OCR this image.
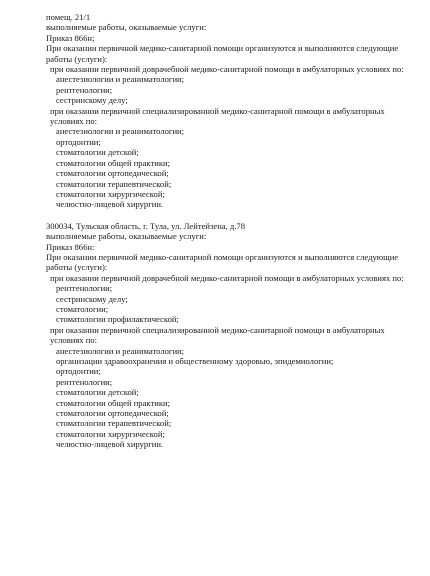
помещ. 21/1
выполняемые работы, оказываемые услуги:
Приказ 866н;
При оказании первичной медико-санитарной помощи организуются и выполняются следующие работы (услуги):
при оказании первичной доврачебной медико-санитарной помощи в амбулаторных условиях по:
анестезиологии и реаниматологии;
рентгенологии;
сестринскому делу;
при оказании первичной специализированной медико-санитарной помощи в амбулаторных условиях по:
анестезиологии и реаниматологии;
ортодонтии;
стоматологии детской;
стоматологии общей практики;
стоматологии ортопедической;
стоматологии терапевтической;
стоматологии хирургической;
челюстно-лицевой хирургии.
300034, Тульская область, г. Тула, ул. Лейтейзена, д.78
выполняемые работы, оказываемые услуги:
Приказ 866н:
При оказании первичной медико-санитарной помощи организуются и выполняются следующие работы (услуги):
при оказании первичной доврачебной медико-санитарной помощи в амбулаторных условиях по:
рентгенологии;
сестринскому делу;
стоматологии;
стоматологии профилактической;
при оказании первичной специализированной медико-санитарной помощи в амбулаторных условиях по:
анестезиологии и реаниматологии;
организации здравоохранения и общественному здоровью, эпидемиологии;
ортодонтии;
рентгенологии;
стоматологии детской;
стоматологии общей практики;
стоматологии ортопедической;
стоматологии терапевтической;
стоматологии хирургической;
челюстно-лицевой хирургии.
